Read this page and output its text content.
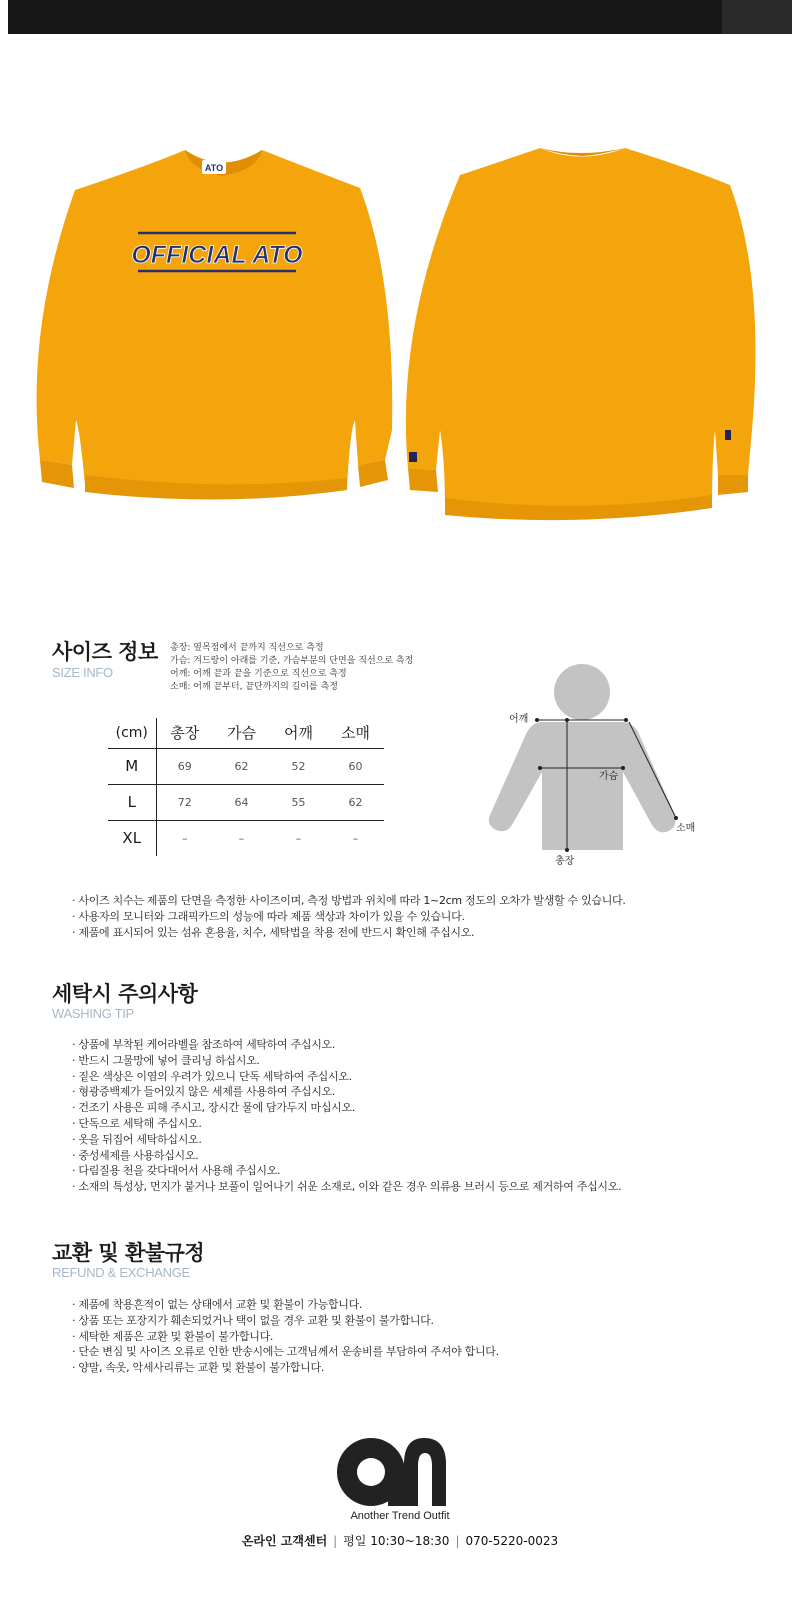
ATO
OFFICIAL ATO
사이즈 정보
SIZE INFO
총장: 옆목점에서 끝까지 직선으로 측정
가슴: 겨드랑이 아래를 기준, 가슴부분의 단면을 직선으로 측정
어깨: 어깨 끝과 끝을 기준으로 직선으로 측정
소매: 어깨 끝부터, 끝단까지의 길이를 측정
(cm)	총장	가슴	어깨	소매
M	69	62	52	60
L	72	64	55	62
XL	–	–	–	–
어깨
가슴
소매
총장
· 사이즈 치수는 제품의 단면을 측정한 사이즈이며, 측정 방법과 위치에 따라 1~2cm 정도의 오차가 발생할 수 있습니다.
· 사용자의 모니터와 그래픽카드의 성능에 따라 제품 색상과 차이가 있을 수 있습니다.
· 제품에 표시되어 있는 섬유 혼용율, 치수, 세탁법을 착용 전에 반드시 확인해 주십시오.
세탁시 주의사항
WASHING TIP
· 상품에 부착된 케어라벨을 참조하여 세탁하여 주십시오.
· 반드시 그물망에 넣어 클리닝 하십시오.
· 짙은 색상은 이염의 우려가 있으니 단독 세탁하여 주십시오.
· 형광증백제가 들어있지 않은 세제를 사용하여 주십시오.
· 건조기 사용은 피해 주시고, 장시간 물에 담가두지 마십시오.
· 단독으로 세탁해 주십시오.
· 옷을 뒤집어 세탁하십시오.
· 중성세제를 사용하십시오.
· 다림질용 천을 갖다대어서 사용해 주십시오.
· 소재의 특성상, 먼지가 붙거나 보풀이 일어나기 쉬운 소재로, 이와 같은 경우 의류용 브러시 등으로 제거하여 주십시오.
교환 및 환불규정
REFUND & EXCHANGE
· 제품에 착용흔적이 없는 상태에서 교환 및 환불이 가능합니다.
· 상품 또는 포장지가 훼손되었거나 택이 없을 경우 교환 및 환불이 불가합니다.
· 세탁한 제품은 교환 및 환불이 불가합니다.
· 단순 변심 및 사이즈 오류로 인한 반송시에는 고객님께서 운송비를 부담하여 주셔야 합니다.
· 양말, 속옷, 악세사리류는 교환 및 환불이 불가합니다.
Another Trend Outfit
온라인 고객센터 | 평일 10:30~18:30 | 070-5220-0023
